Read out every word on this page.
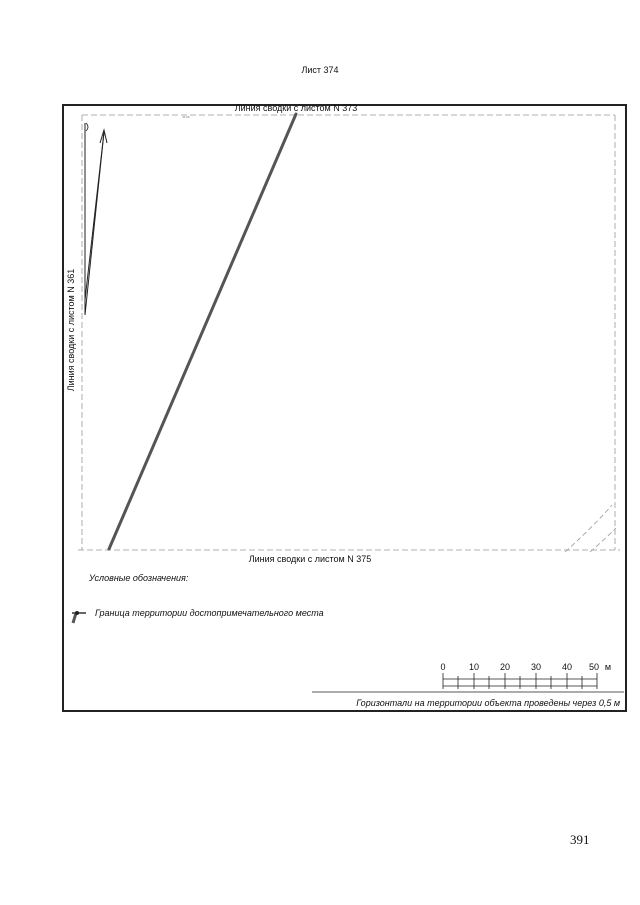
Лист 374
44.95
Линия сводки с листом N 373
Линия сводки с листом N 375
Линия сводки с листом N 361
Условные обозначения:
Граница территории достопримечательного места
0	10 20 30 40 50 м
Горизонтали на территории объекта проведены через 0,5 м
391
